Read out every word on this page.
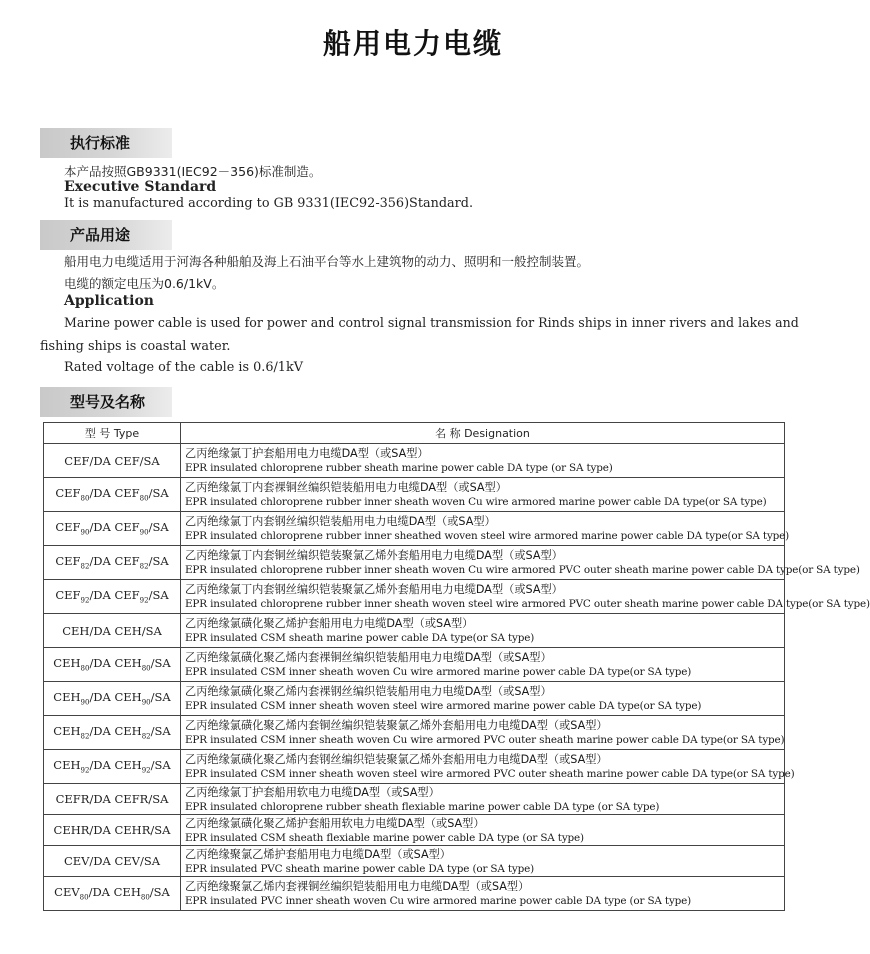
船用电力电缆
执行标准
本产品按照GB9331(IEC92－356)标准制造。
Executive Standard
It is manufactured according to GB 9331(IEC92-356)Standard.
产品用途
船用电力电缆适用于河海各种船舶及海上石油平台等水上建筑物的动力、照明和一般控制装置。
电缆的额定电压为0.6/1kV。
Application
Marine power cable is used for power and control signal transmission for Rinds ships in inner rivers and lakes and
fishing ships is coastal water.
Rated voltage of the cable is 0.6/1kV
型号及名称
型 号 Type	名 称 Designation
CEF/DA CEF/SA	乙丙绝缘氯丁护套船用电力电缆DA型（或SA型）
EPR insulated chloroprene rubber sheath marine power cable DA type (or SA type)

$CEF_{80}/DA$ $CEF_{80}/SA$	乙丙绝缘氯丁内套裸铜丝编织铠装船用电力电缆DA型（或SA型）
EPR insulated chloroprene rubber inner sheath woven Cu wire armored marine power cable DA type(or SA type)

$CEF_{90}/DA$ $CEF_{90}/SA$	乙丙绝缘氯丁内套钢丝编织铠装船用电力电缆DA型（或SA型）
EPR insulated chloroprene rubber inner sheathed woven steel wire armored marine power cable DA type(or SA type)

$CEF_{82}/DA$ $CEF_{82}/SA$	乙丙绝缘氯丁内套铜丝编织铠装聚氯乙烯外套船用电力电缆DA型（或SA型）
EPR insulated chloroprene rubber inner sheath woven Cu wire armored PVC outer sheath marine power cable DA type(or SA type)

$CEF_{92}/DA$ $CEF_{92}/SA$	乙丙绝缘氯丁内套钢丝编织铠装聚氯乙烯外套船用电力电缆DA型（或SA型）
EPR insulated chloroprene rubber inner sheath woven steel wire armored PVC outer sheath marine power cable DA type(or SA type)

CEH/DA CEH/SA	乙丙绝缘氯磺化聚乙烯护套船用电力电缆DA型（或SA型）
EPR insulated CSM sheath marine power cable DA type(or SA type)

$CEH_{80}/DA$ $CEH_{80}/SA$	乙丙绝缘氯磺化聚乙烯内套裸铜丝编织铠装船用电力电缆DA型（或SA型）
EPR insulated CSM inner sheath woven Cu wire armored marine power cable DA type(or SA type)

$CEH_{90}/DA$ $CEH_{90}/SA$	乙丙绝缘氯磺化聚乙烯内套裸钢丝编织铠装船用电力电缆DA型（或SA型）
EPR insulated CSM inner sheath woven steel wire armored marine power cable DA type(or SA type)

$CEH_{82}/DA$ $CEH_{82}/SA$	乙丙绝缘氯磺化聚乙烯内套铜丝编织铠装聚氯乙烯外套船用电力电缆DA型（或SA型）
EPR insulated CSM inner sheath woven Cu wire armored PVC outer sheath marine power cable DA type(or SA type)

$CEH_{92}/DA$ $CEH_{92}/SA$	乙丙绝缘氯磺化聚乙烯内套钢丝编织铠装聚氯乙烯外套船用电力电缆DA型（或SA型）
EPR insulated CSM inner sheath woven steel wire armored PVC outer sheath marine power cable DA type(or SA type)

CEFR/DA CEFR/SA	乙丙绝缘氯丁护套船用软电力电缆DA型（或SA型）
EPR insulated chloroprene rubber sheath flexiable marine power cable DA type (or SA type)

CEHR/DA CEHR/SA	乙丙绝缘氯磺化聚乙烯护套船用软电力电缆DA型（或SA型）
EPR insulated CSM sheath flexiable marine power cable DA type (or SA type)

CEV/DA CEV/SA	乙丙绝缘聚氯乙烯护套船用电力电缆DA型（或SA型）
EPR insulated PVC sheath marine power cable DA type (or SA type)

$CEV_{80}/DA$ $CEH_{80}/SA$	乙丙绝缘聚氯乙烯内套裸铜丝编织铠装船用电力电缆DA型（或SA型）
EPR insulated PVC inner sheath woven Cu wire armored marine power cable DA type (or SA type)
